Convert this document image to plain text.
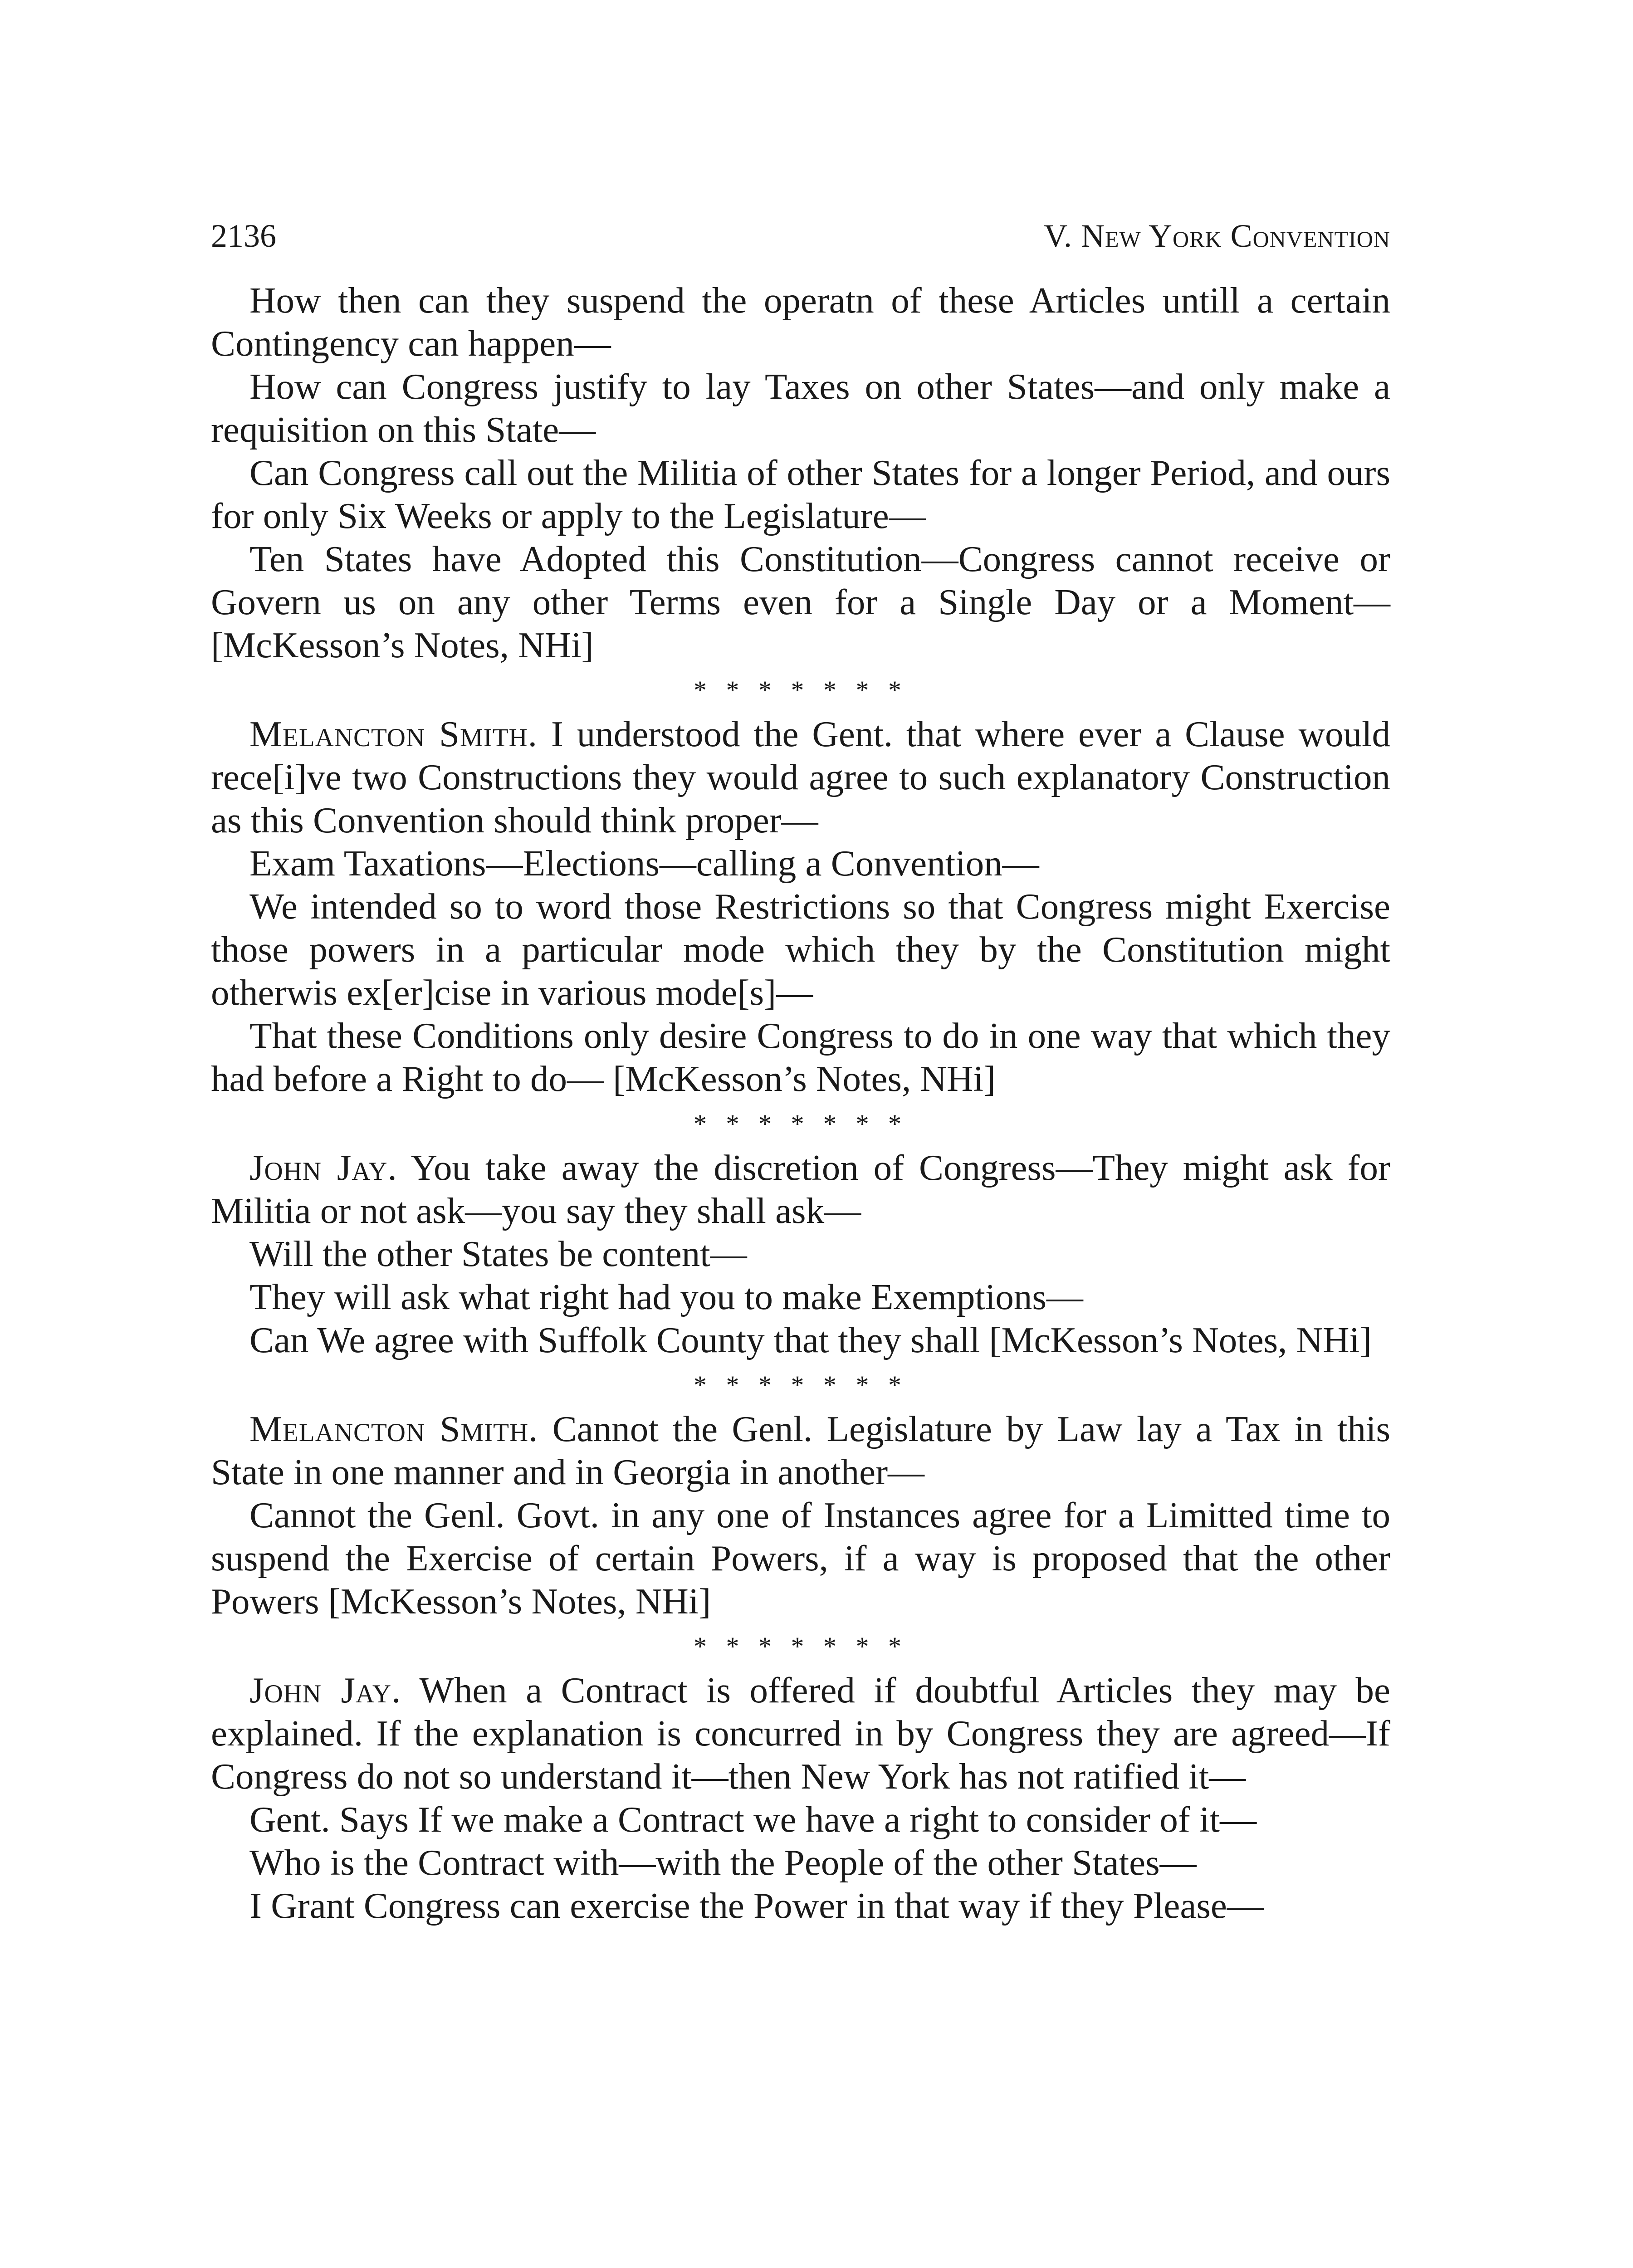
2136	V. New York Convention

How then can they suspend the operatn of these Articles untill a certain Contingency can happen—

How can Congress justify to lay Taxes on other States—and only make a requisition on this State—

Can Congress call out the Militia of other States for a longer Period, and ours for only Six Weeks or apply to the Legislature—

Ten States have Adopted this Constitution—Congress cannot receive or Govern us on any other Terms even for a Single Day or a Moment— [McKesson’s Notes, NHi]

* * * * * * *

Melancton Smith. I understood the Gent. that where ever a Clause would rece[i]ve two Constructions they would agree to such explanatory Construction as this Convention should think proper—

Exam Taxations—Elections—calling a Convention—

We intended so to word those Restrictions so that Congress might Exercise those powers in a particular mode which they by the Constitution might otherwis ex[er]cise in various mode[s]—

That these Conditions only desire Congress to do in one way that which they had before a Right to do— [McKesson’s Notes, NHi]

* * * * * * *

John Jay. You take away the discretion of Congress—They might ask for Militia or not ask—you say they shall ask—

Will the other States be content—

They will ask what right had you to make Exemptions—

Can We agree with Suffolk County that they shall [McKesson’s Notes, NHi]

* * * * * * *

Melancton Smith. Cannot the Genl. Legislature by Law lay a Tax in this State in one manner and in Georgia in another—

Cannot the Genl. Govt. in any one of Instances agree for a Limitted time to suspend the Exercise of certain Powers, if a way is proposed that the other Powers [McKesson’s Notes, NHi]

* * * * * * *

John Jay. When a Contract is offered if doubtful Articles they may be explained. If the explanation is concurred in by Congress they are agreed—If Congress do not so understand it—then New York has not ratified it—

Gent. Says If we make a Contract we have a right to consider of it—

Who is the Contract with—with the People of the other States—

I Grant Congress can exercise the Power in that way if they Please—
